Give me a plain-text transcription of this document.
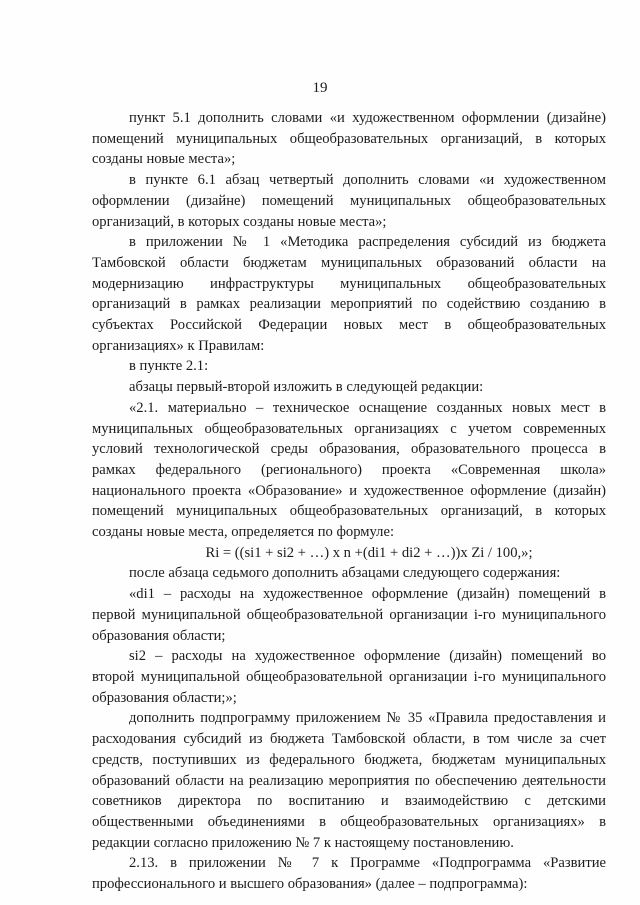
19

пункт 5.1 дополнить словами «и художественном оформлении (дизайне) помещений муниципальных общеобразовательных организаций, в которых созданы новые места»;

в пункте 6.1 абзац четвертый дополнить словами «и художественном оформлении (дизайне) помещений муниципальных общеобразовательных организаций, в которых созданы новые места»;

в приложении № 1 «Методика распределения субсидий из бюджета Тамбовской области бюджетам муниципальных образований области на модернизацию инфраструктуры муниципальных общеобразовательных организаций в рамках реализации мероприятий по содействию созданию в субъектах Российской Федерации новых мест в общеобразовательных организациях» к Правилам:

в пункте 2.1:

абзацы первый-второй изложить в следующей редакции:

«2.1. материально – техническое оснащение созданных новых мест в муниципальных общеобразовательных организациях с учетом современных условий технологической среды образования, образовательного процесса в рамках федерального (регионального) проекта «Современная школа» национального проекта «Образование» и художественное оформление (дизайн) помещений муниципальных общеобразовательных организаций, в которых созданы новые места, определяется по формуле:

Ri = ((si1 + si2 + …) x n +(di1 + di2 + …))x Zi / 100,»;

после абзаца седьмого дополнить абзацами следующего содержания:

«di1 – расходы на художественное оформление (дизайн) помещений в первой муниципальной общеобразовательной организации i-го муниципального образования области;

si2 – расходы на художественное оформление (дизайн) помещений во второй муниципальной общеобразовательной организации i-го муниципального образования области;»;

дополнить подпрограмму приложением № 35 «Правила предоставления и расходования субсидий из бюджета Тамбовской области, в том числе за счет средств, поступивших из федерального бюджета, бюджетам муниципальных образований области на реализацию мероприятия по обеспечению деятельности советников директора по воспитанию и взаимодействию с детскими общественными объединениями в общеобразовательных организациях» в редакции согласно приложению № 7 к настоящему постановлению.

2.13. в приложении № 7 к Программе «Подпрограмма «Развитие профессионального и высшего образования» (далее – подпрограмма):
